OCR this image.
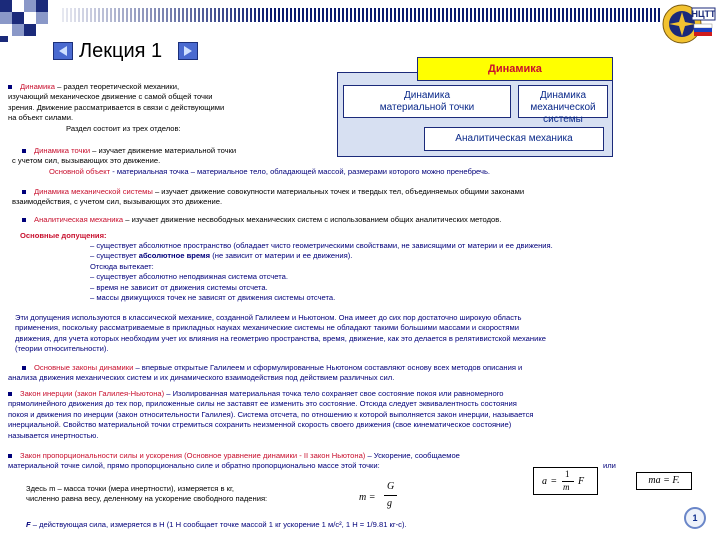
НЦТТ
Лекция 1
Динамика
Динамика
материальной точки
Динамика
механической системы
Аналитическая механика
Динамика – раздел теоретической механики,
изучающий механическое движение с самой общей точки
зрения. Движение рассматривается в связи с действующими
на объект силами.
Раздел состоит из трех отделов:
Динамика точки – изучает движение материальной точки
с учетом сил, вызывающих это движение.
Основной объект - материальная точка – материальное тело, обладающей массой, размерами которого можно пренебречь.
Динамика механической системы – изучает движение совокупности материальных точек и твердых тел, объединяемых общими законами
взаимодействия, с учетом сил, вызывающих это движение.
Аналитическая механика – изучает движение несвободных механических систем с использованием общих аналитических методов.
Основные допущения:
– существует абсолютное пространство (обладает чисто геометрическими свойствами, не зависящими от материи и ее движения.
– существует абсолютное время (не зависит от материи и ее движения).
Отсюда вытекает:
– существует абсолютно неподвижная система отсчета.
– время не зависит от движения системы отсчета.
– массы движущихся точек не зависят от движения системы отсчета.
Эти допущения используются в классической механике, созданной Галилеем и Ньютоном. Она имеет до сих пор достаточно широкую область
применения, поскольку рассматриваемые в прикладных науках механические системы не обладают такими большими массами и скоростями
движения, для учета которых необходим учет их влияния на геометрию пространства, время, движение, как это делается в релятивистской механике
(теории относительности).
Основные законы динамики – впервые открытые Галилеем и сформулированные Ньютоном составляют основу всех методов описания и
анализа движения механических систем и их динамического взаимодействия под действием различных сил.
Закон инерции (закон Галилея-Ньютона) – Изолированная материальная точка тело сохраняет свое состояние покоя или равномерного
прямолинейного движения до тех пор, приложенные силы не заставят ее изменить это состояние. Отсюда следует эквивалентность состояния
покоя и движения по инерции (закон относительности Галилея). Система отсчета, по отношению к которой выполняется закон инерции, называется
инерциальной. Свойство материальной точки стремиться сохранить неизменной скорость своего движения (свое кинематическое состояние)
называется инертностью.
Закон пропорциональности силы и ускорения (Основное уравнение динамики - II закон Ньютона) – Ускорение, сообщаемое
материальной точке силой, прямо пропорционально силе и обратно пропорционально массе этой точки:	или
a =
1
m F	ma = F.
Здесь m – масса точки (мера инертности), измеряется в кг,
численно равна весу, деленному на ускорение свободного падения:	m =
G
g
F – действующая сила, измеряется в Н (1 Н сообщает точке массой 1 кг ускорение 1 м/с², 1 Н = 1/9.81 кг-с).
1
